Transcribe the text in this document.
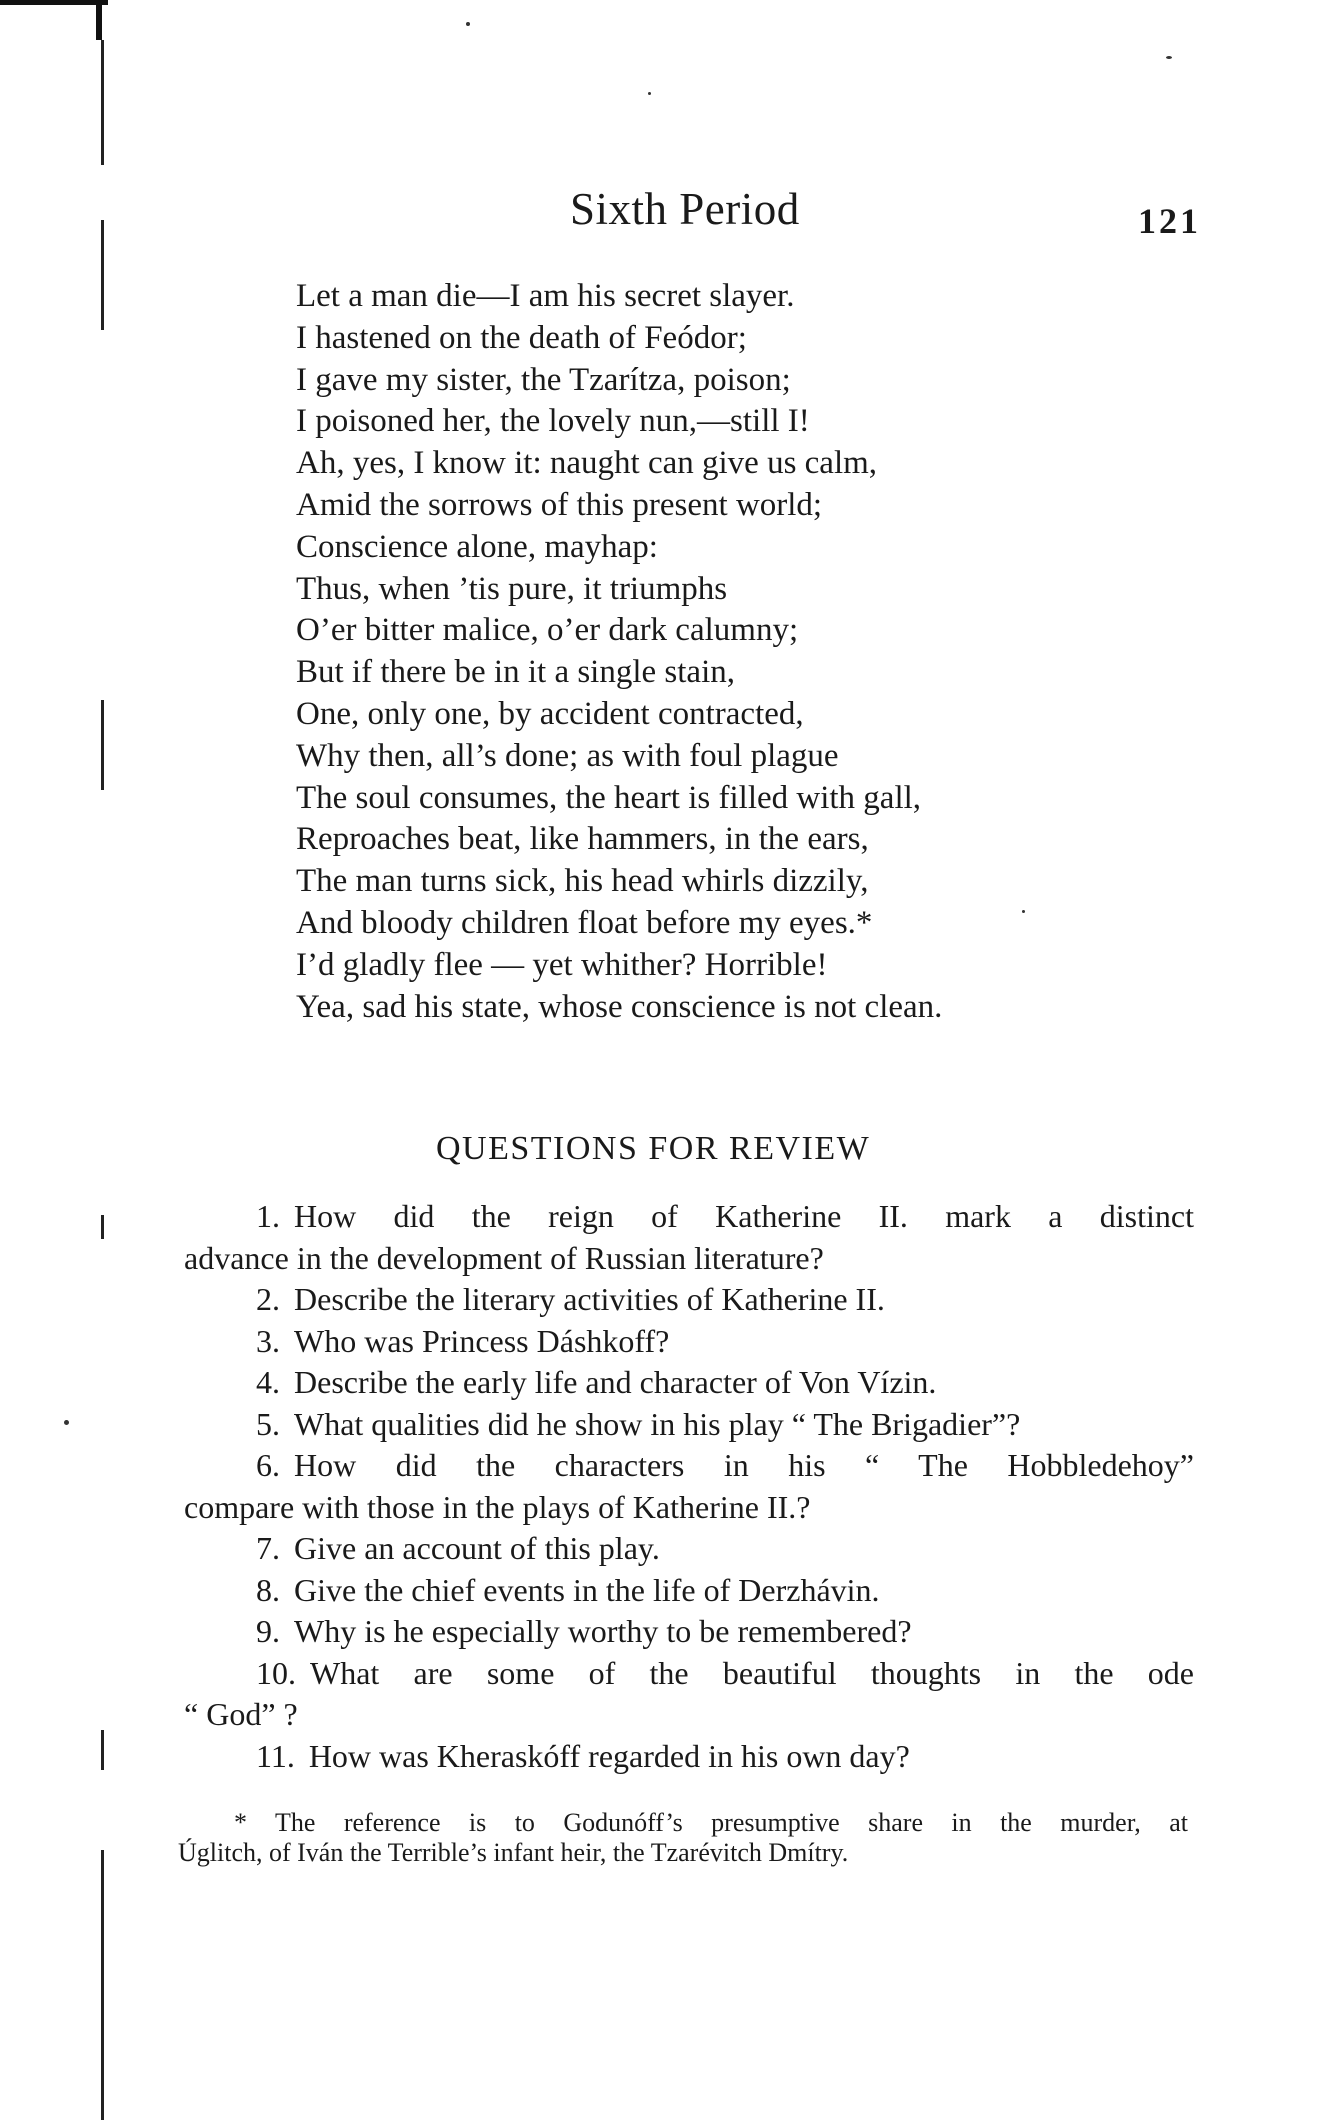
Sixth Period	121
Let a man die—I am his secret slayer.
I hastened on the death of Feódor;
I gave my sister, the Tzarítza, poison;
I poisoned her, the lovely nun,—still I!
Ah, yes, I know it: naught can give us calm,
Amid the sorrows of this present world;
Conscience alone, mayhap:
Thus, when ’tis pure, it triumphs
O’er bitter malice, o’er dark calumny;
But if there be in it a single stain,
One, only one, by accident contracted,
Why then, all’s done; as with foul plague
The soul consumes, the heart is filled with gall,
Reproaches beat, like hammers, in the ears,
The man turns sick, his head whirls dizzily,
And bloody children float before my eyes.*
I’d gladly flee — yet whither? Horrible!
Yea, sad his state, whose conscience is not clean.
QUESTIONS FOR REVIEW
1. How did the reign of Katherine II. mark a distinct
advance in the development of Russian literature?
2. Describe the literary activities of Katherine II.
3. Who was Princess Dáshkoff?
4. Describe the early life and character of Von Vízin.
5. What qualities did he show in his play “ The Brigadier”?
6. How did the characters in his “ The Hobbledehoy”
compare with those in the plays of Katherine II.?
7. Give an account of this play.
8. Give the chief events in the life of Derzhávin.
9. Why is he especially worthy to be remembered?
10. What are some of the beautiful thoughts in the ode
“ God” ?
11. How was Kheraskóff regarded in his own day?

* The reference is to Godunóff’s presumptive share in the murder, at

Úglitch, of Iván the Terrible’s infant heir, the Tzarévitch Dmítry.
